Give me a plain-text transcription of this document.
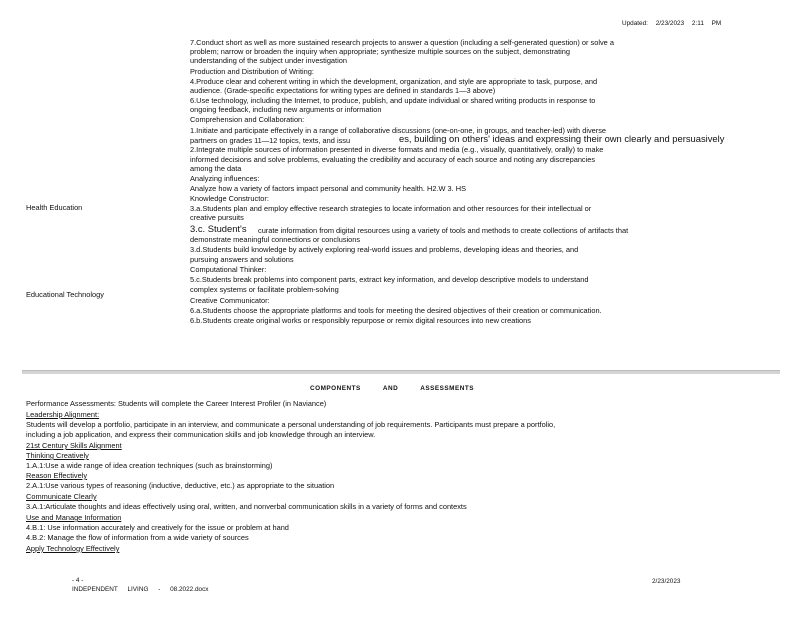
Updated: 2/23/2023 2:11 PM
7.Conduct short as well as more sustained research projects to answer a question (including a self-generated question) or solve a
problem; narrow or broaden the inquiry when appropriate; synthesize multiple sources on the subject, demonstrating
understanding of the subject under investigation
Production and Distribution of Writing:
4.Produce clear and coherent writing in which the development, organization, and style are appropriate to task, purpose, and
audience. (Grade-specific expectations for writing types are defined in standards 1—3 above)
6.Use technology, including the Internet, to produce, publish, and update individual or shared writing products in response to
ongoing feedback, including new arguments or information
Comprehension and Collaboration:
1.Initiate and participate effectively in a range of collaborative discussions (one-on-one, in groups, and teacher-led) with diverse
partners on grades 11—12 topics, texts, and issu	es, building on others' ideas and expressing their own clearly and persuasively
2.Integrate multiple sources of information presented in diverse formats and media (e.g., visually, quantitatively, orally) to make
informed decisions and solve problems, evaluating the credibility and accuracy of each source and noting any discrepancies
among the data
Analyzing influences:
Analyze how a variety of factors impact personal and community health. H2.W 3. HS
Knowledge Constructor:
3.a.Students plan and employ effective research strategies to locate information and other resources for their intellectual or
creative pursuits
3.c. Student's curate information from digital resources using a variety of tools and methods to create collections of artifacts that
demonstrate meaningful connections or conclusions
3.d.Students build knowledge by actively exploring real-world issues and problems, developing ideas and theories, and
pursuing answers and solutions
Computational Thinker:
5.c.Students break problems into component parts, extract key information, and develop descriptive models to understand
complex systems or facilitate problem-solving
Creative Communicator:
6.a.Students choose the appropriate platforms and tools for meeting the desired objectives of their creation or communication.
6.b.Students create original works or responsibly repurpose or remix digital resources into new creations
Health Education
Educational Technology
COMPONENTS AND ASSESSMENTS
Performance Assessments: Students will complete the Career Interest Profiler (in Naviance)
Leadership Alignment:
Students will develop a portfolio, participate in an interview, and communicate a personal understanding of job requirements. Participants must prepare a portfolio,
including a job application, and express their communication skills and job knowledge through an interview.
21st Century Skills Alignment
Thinking Creatively
1.A.1:Use a wide range of idea creation techniques (such as brainstorming)
Reason Effectively
2.A.1:Use various types of reasoning (inductive, deductive, etc.) as appropriate to the situation
Communicate Clearly
3.A.1:Articulate thoughts and ideas effectively using oral, written, and nonverbal communication skills in a variety of forms and contexts
Use and Manage Information
4.B.1: Use information accurately and creatively for the issue or problem at hand
4.B.2: Manage the flow of information from a wide variety of sources
Apply Technology Effectively
- 4 -
INDEPENDENT LIVING - 08.2022.docx
2/23/2023
